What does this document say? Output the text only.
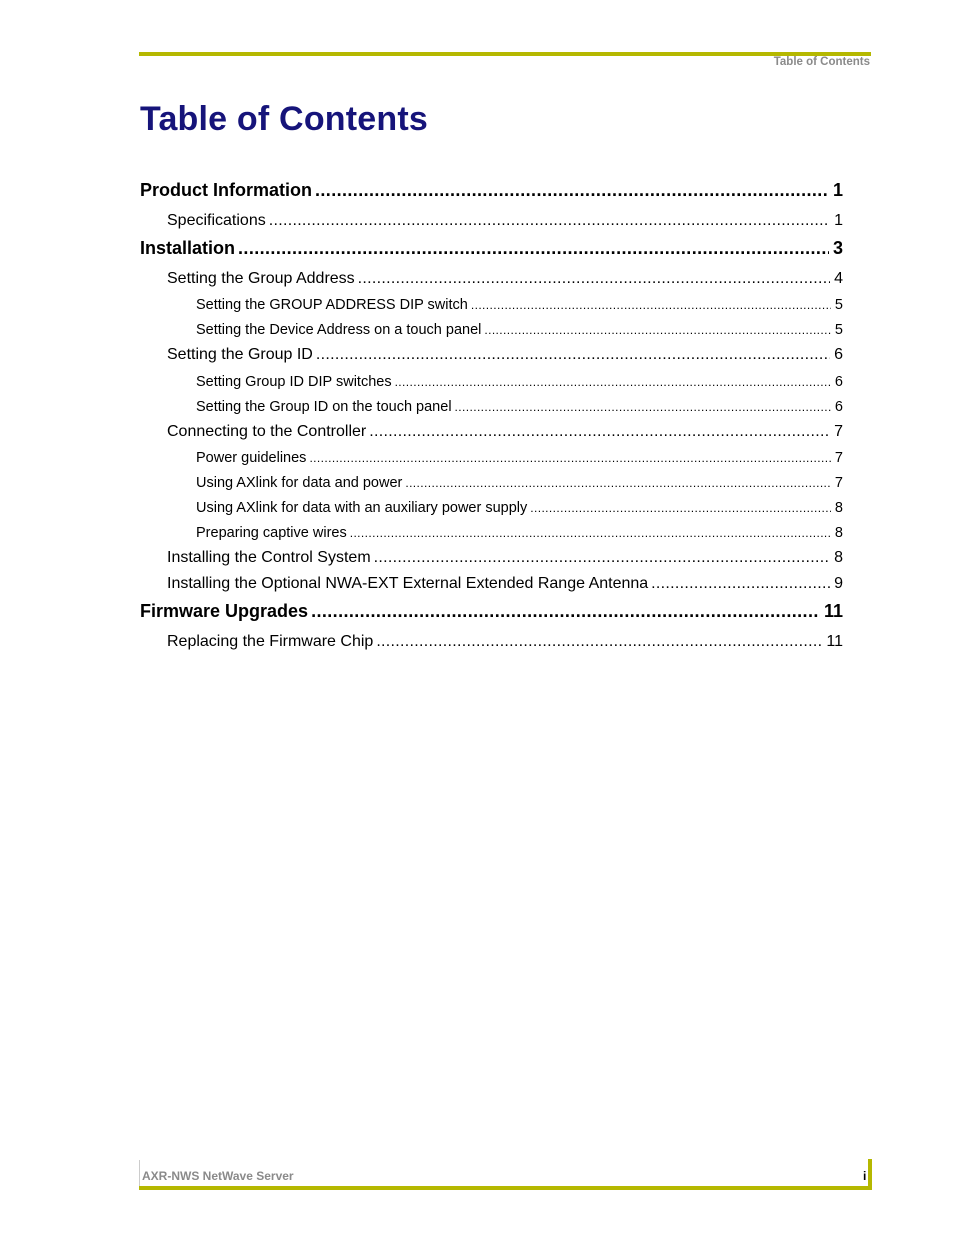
Table of Contents
Table of Contents
Product Information .....	1
Specifications .....	1
Installation .....	3
Setting the Group Address .....	4
Setting the GROUP ADDRESS DIP switch .....	5
Setting the Device Address on a touch panel .....	5
Setting the Group ID .....	6
Setting Group ID DIP switches .....	6
Setting the Group ID on the touch panel .....	6
Connecting to the Controller .....	7
Power guidelines .....	7
Using AXlink for data and power .....	7
Using AXlink for data with an auxiliary power supply .....	8
Preparing captive wires .....	8
Installing the Control System .....	8
Installing the Optional NWA-EXT External Extended Range Antenna .....	9
Firmware Upgrades .....	11
Replacing the Firmware Chip .....	11
AXR-NWS NetWave Server	i
